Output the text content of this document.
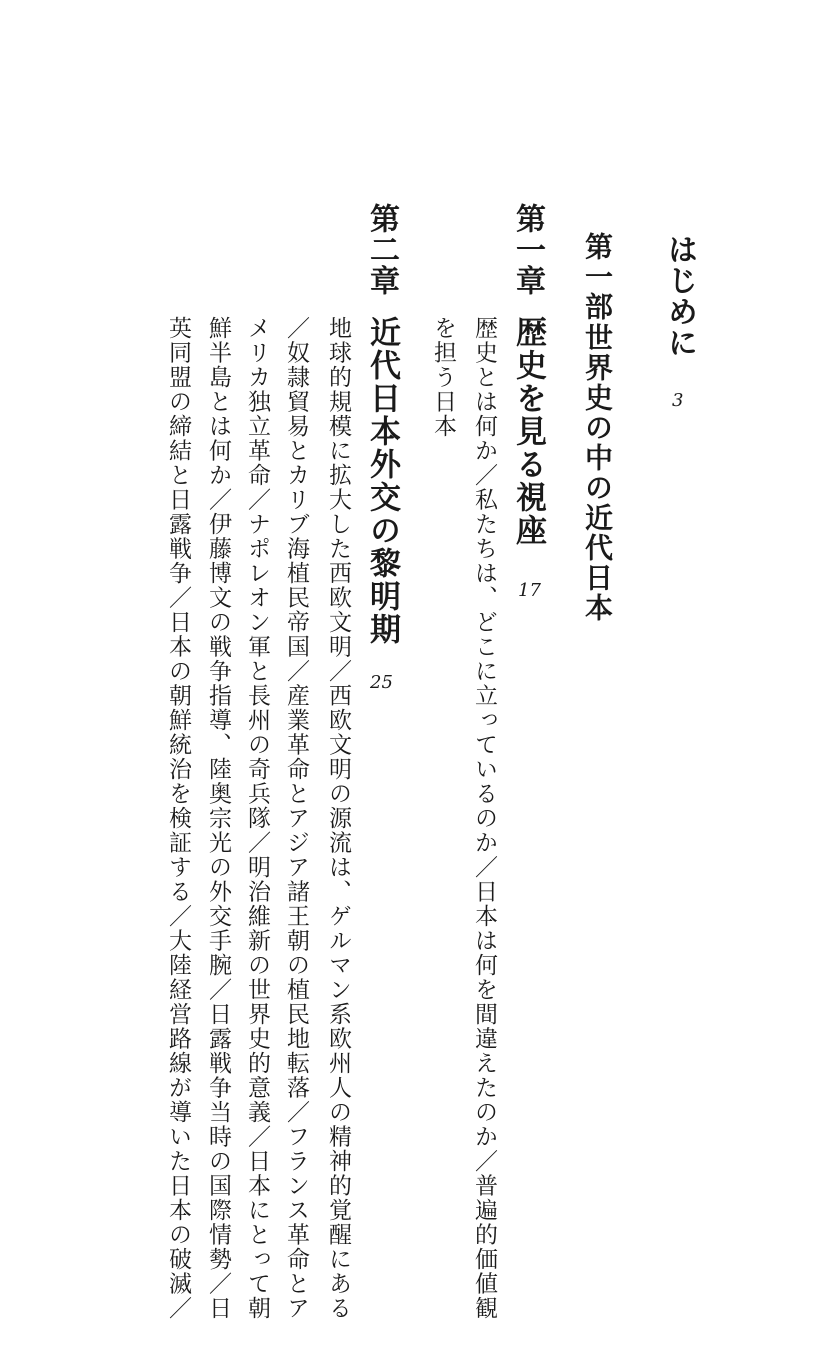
はじめに
3
第一部
世界史の中の近代日本
第一章
歴史を見る視座
17
歴史とは何か／私たちは、どこに立っているのか／日本は何を間違えたのか／普遍的価値観
を担う日本
第二章
近代日本外交の黎明期
25
地球的規模に拡大した西欧文明／西欧文明の源流は、ゲルマン系欧州人の精神的覚醒にある
／奴隷貿易とカリブ海植民帝国／産業革命とアジア諸王朝の植民地転落／フランス革命とア
メリカ独立革命／ナポレオン軍と長州の奇兵隊／明治維新の世界史的意義／日本にとって朝
鮮半島とは何か／伊藤博文の戦争指導、陸奥宗光の外交手腕／日露戦争当時の国際情勢／日
英同盟の締結と日露戦争／日本の朝鮮統治を検証する／大陸経営路線が導いた日本の破滅／
